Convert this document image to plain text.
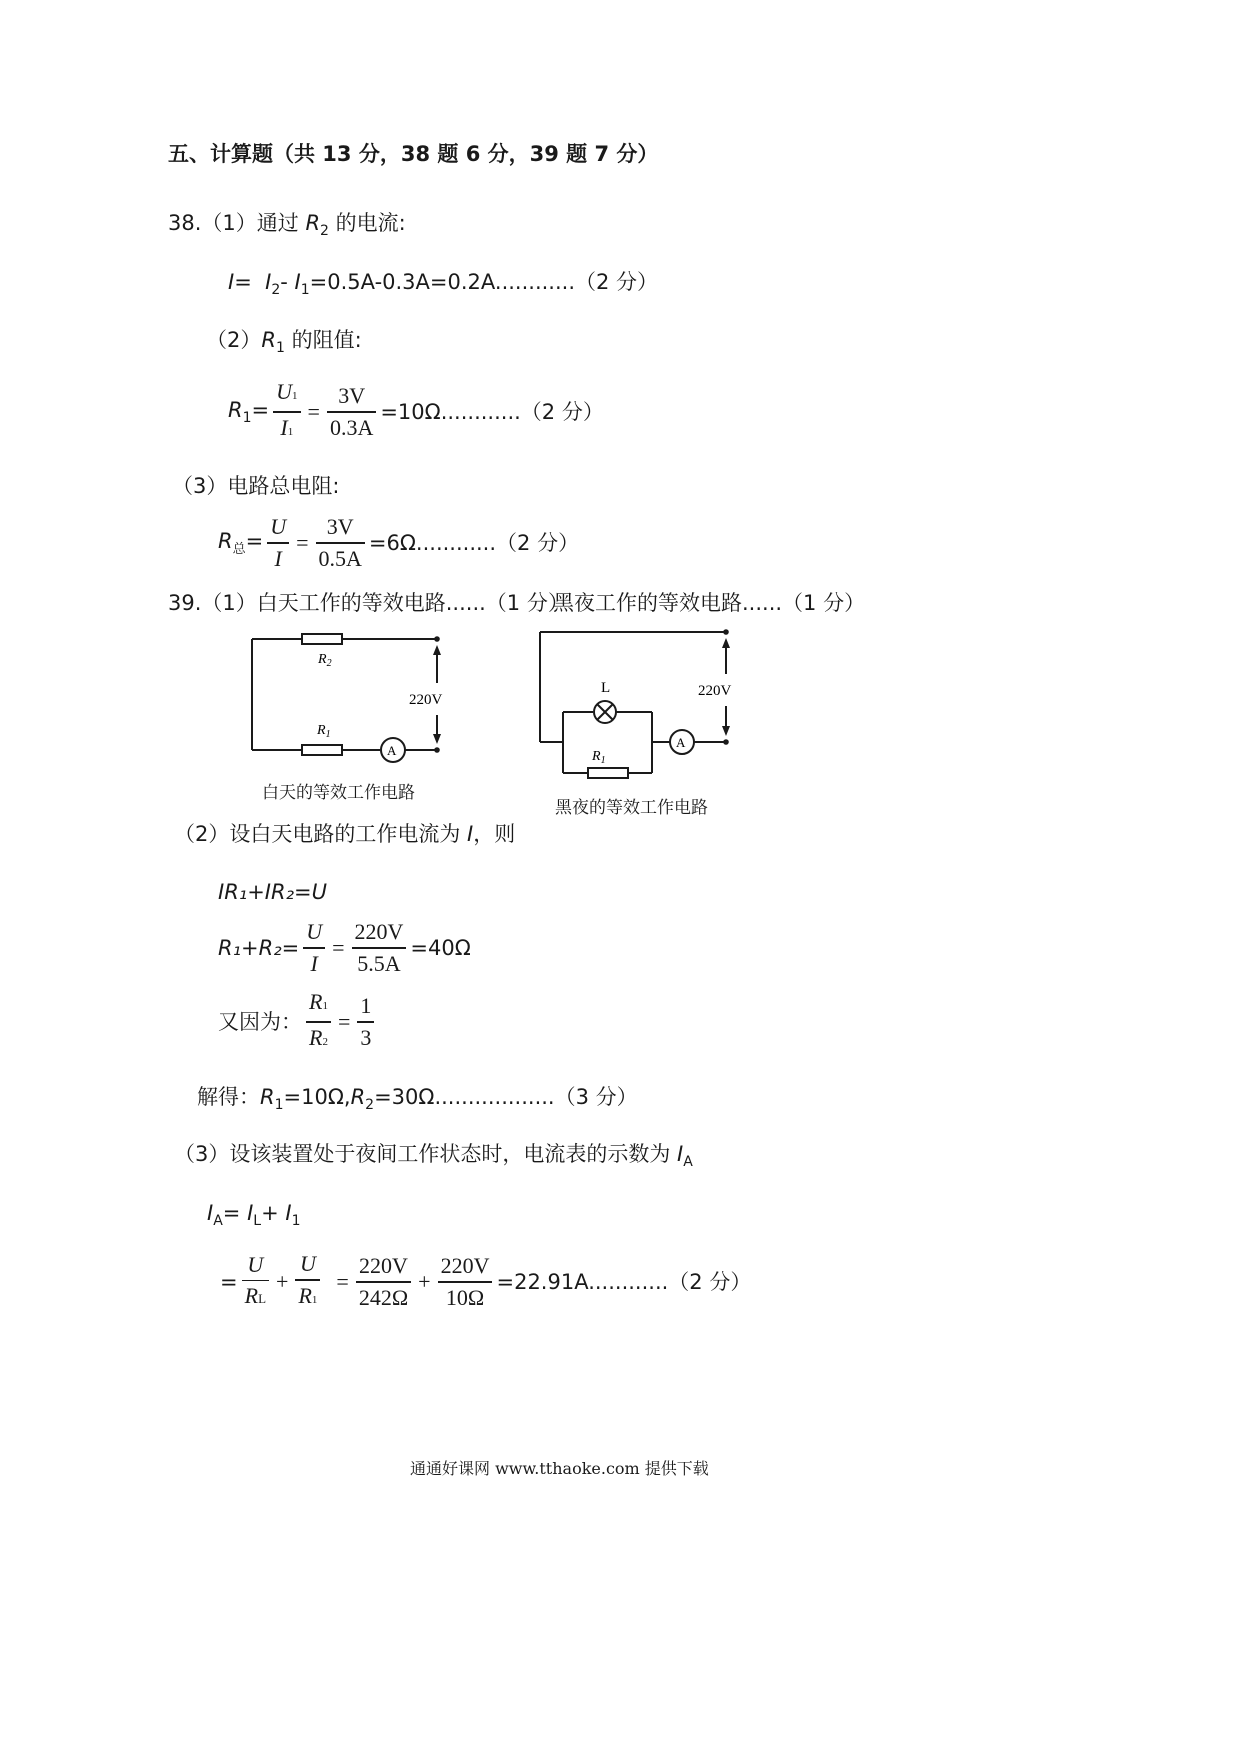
五、计算题（共 13 分，38 题 6 分，39 题 7 分）
38.（1）通过 $R_2$ 的电流:
$I= I_2-$ $I_1=0.5A-0.3A=0.2A............(2$ 分）
$(2)R_1$ 的阻值:
$R_1= \frac{U1}{I1} = \frac{3V}{0.3A} =10\Omega............(2$ 分）
（3）电路总电阻:
$R_总= \frac{U}{I} = \frac{3V}{0.5A} =6\Omega............(2$ 分）
39.（1）白天工作的等效电路......（1 分）
黑夜工作的等效电路......（1 分）
$R_2$
$R_1$
220V
A
白天的等效工作电路
L
$R_1$
220V
A
黑夜的等效工作电路
（2）设白天电路的工作电流为 I，则
IR₁+IR₂=U
$R_1+R_2= \frac{U}{I} = \frac{220V}{5.5A} =40\Omega$
又因为： $\frac{R1}{R2} = \frac{1}{3}$
解得：$R_1=10\Omega,R_2=30\Omega..................(3$ 分）
（3）设该装置处于夜间工作状态时，电流表的示数为 $I_A$
$I_A= I_L+ I_1$
= $\frac{U}{RL} + \frac{U}{R1} = \frac{220V}{242\Omega} + \frac{220V}{10\Omega} =22.91A............(2$ 分）
通通好课网 www.tthaoke.com 提供下载
